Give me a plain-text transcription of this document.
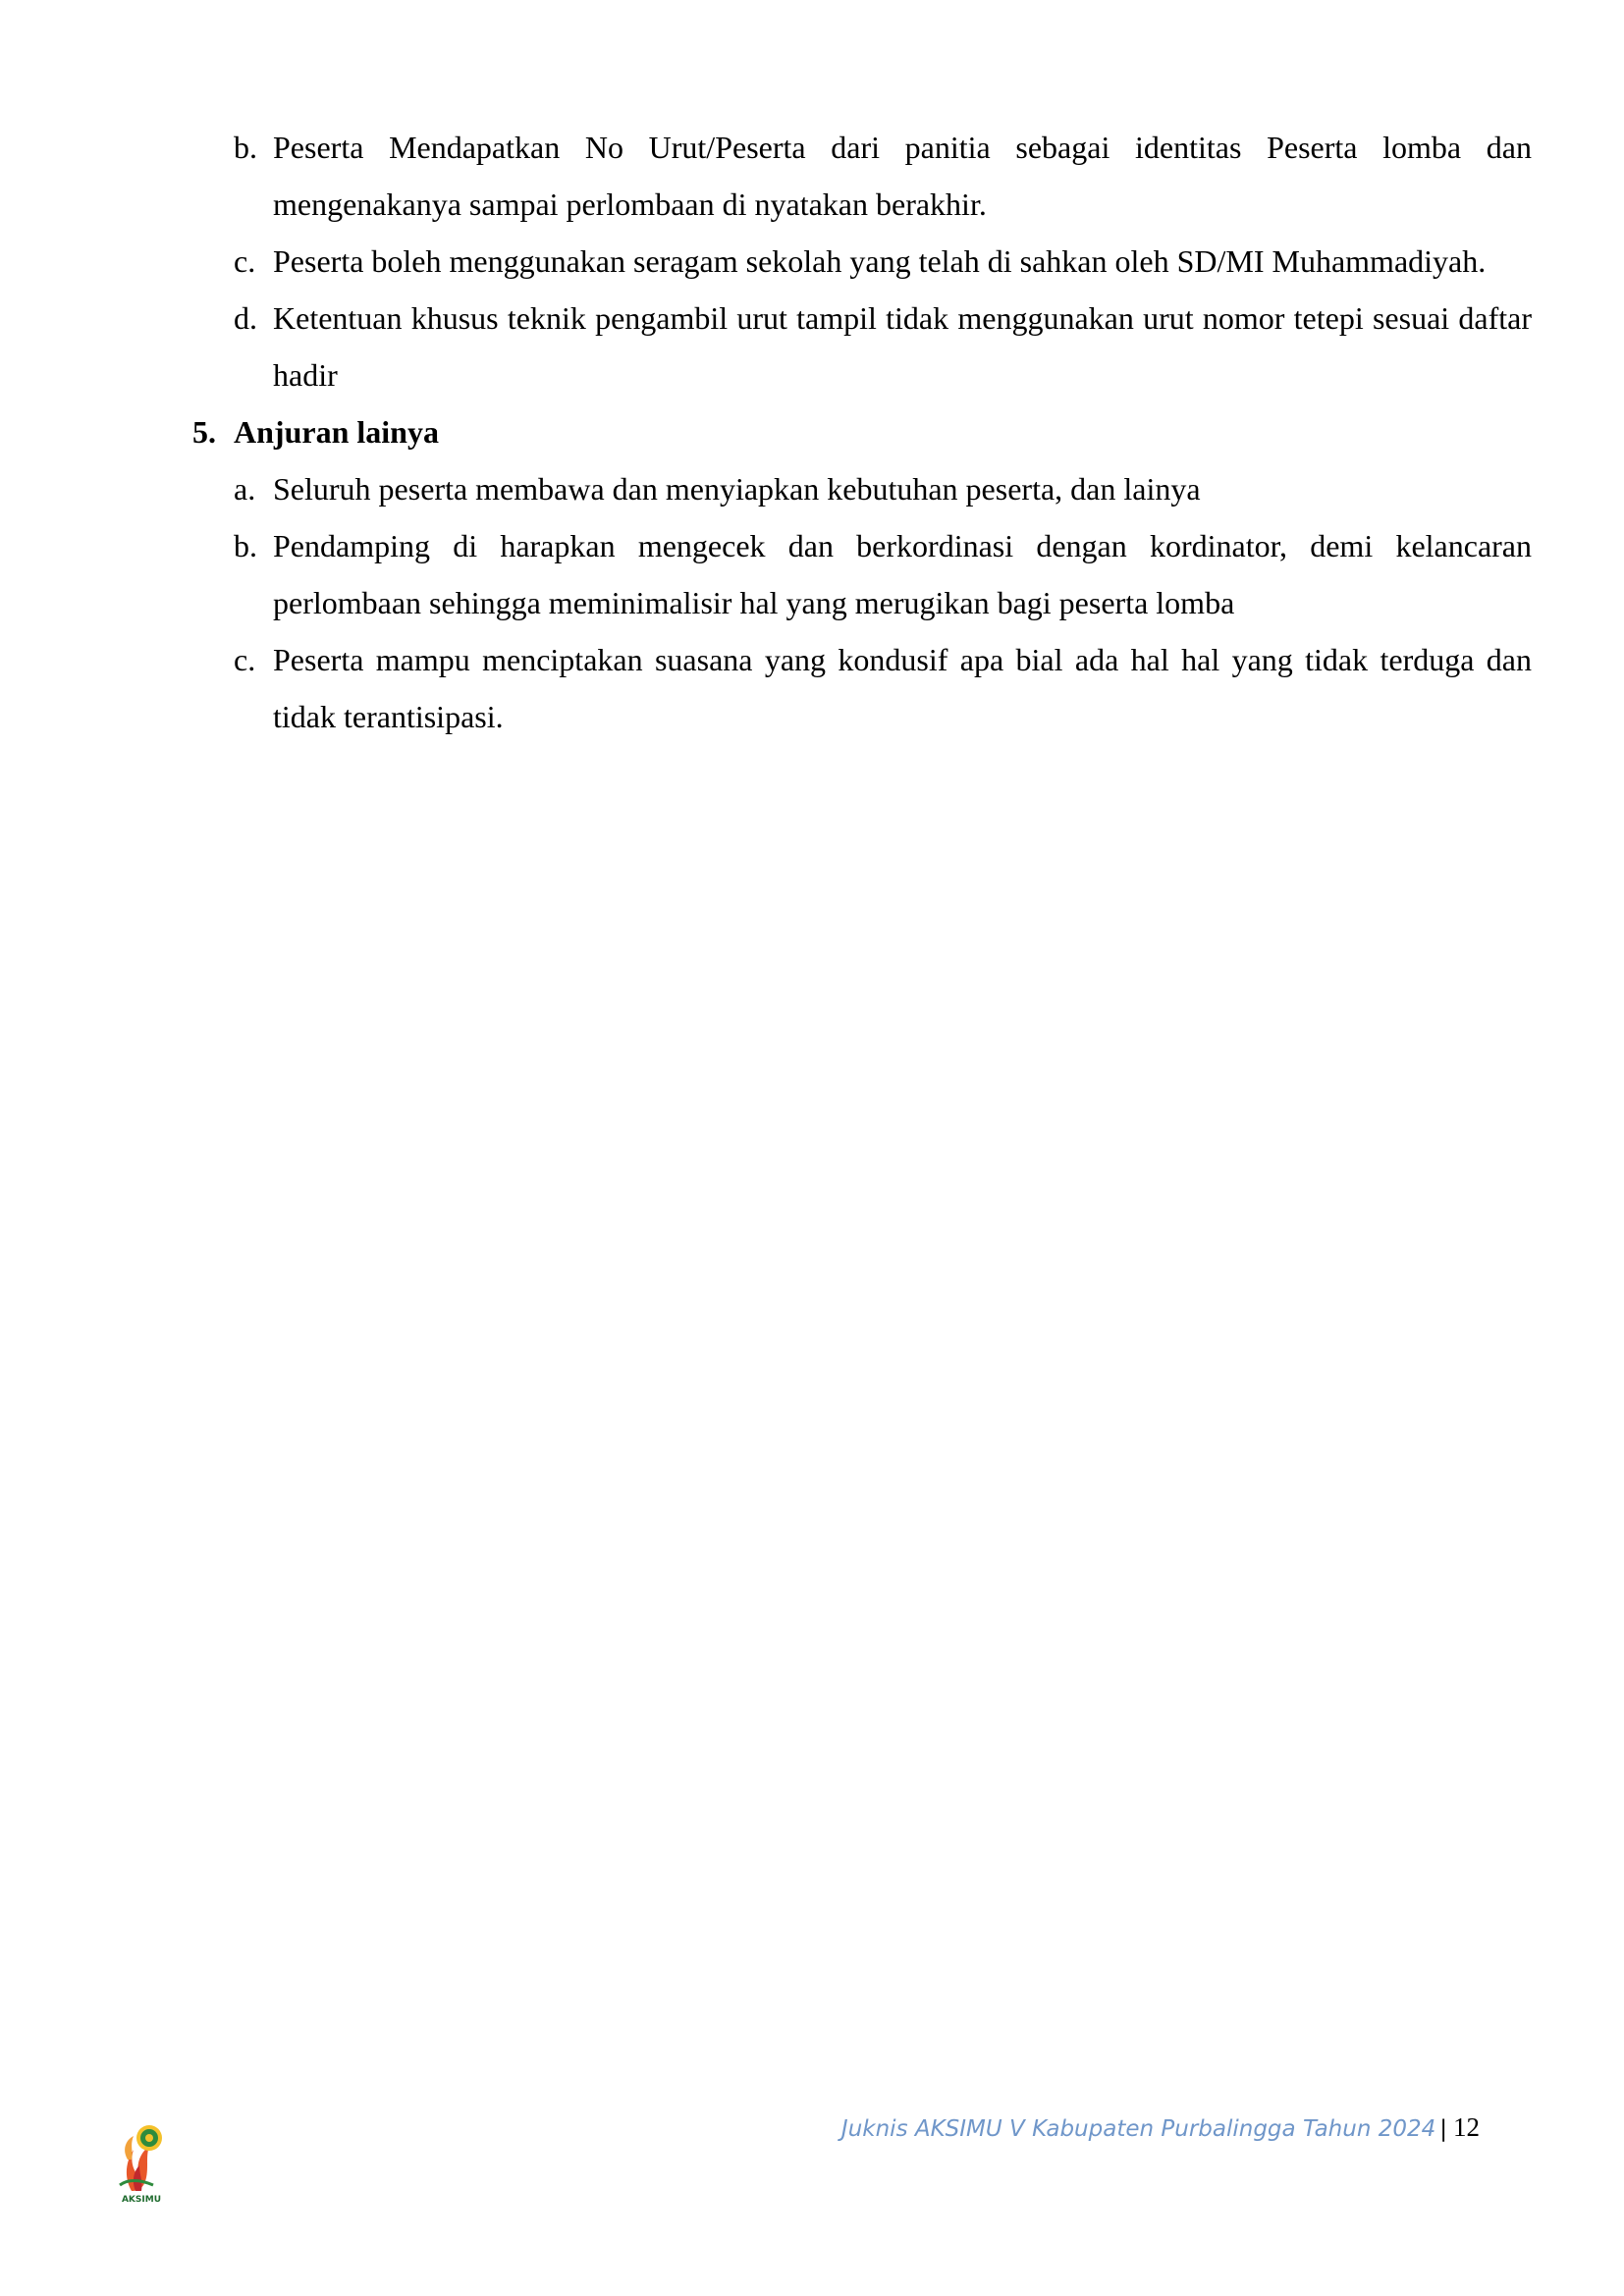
b. Peserta Mendapatkan No Urut/Peserta dari panitia sebagai identitas Peserta lomba dan mengenakanya sampai perlombaan di nyatakan berakhir.
c. Peserta boleh menggunakan seragam sekolah yang telah di sahkan oleh SD/MI Muhammadiyah.
d. Ketentuan khusus teknik pengambil urut tampil tidak menggunakan urut nomor tetepi sesuai daftar hadir
5. Anjuran lainya
a. Seluruh peserta membawa dan menyiapkan kebutuhan peserta, dan lainya
b. Pendamping di harapkan mengecek dan berkordinasi dengan kordinator, demi kelancaran perlombaan sehingga meminimalisir hal yang merugikan bagi peserta lomba
c. Peserta mampu menciptakan suasana yang kondusif apa bial ada hal hal yang tidak terduga dan tidak terantisipasi.
AKSIMU
Juknis AKSIMU V Kabupaten Purbalingga Tahun 2024 | 12
